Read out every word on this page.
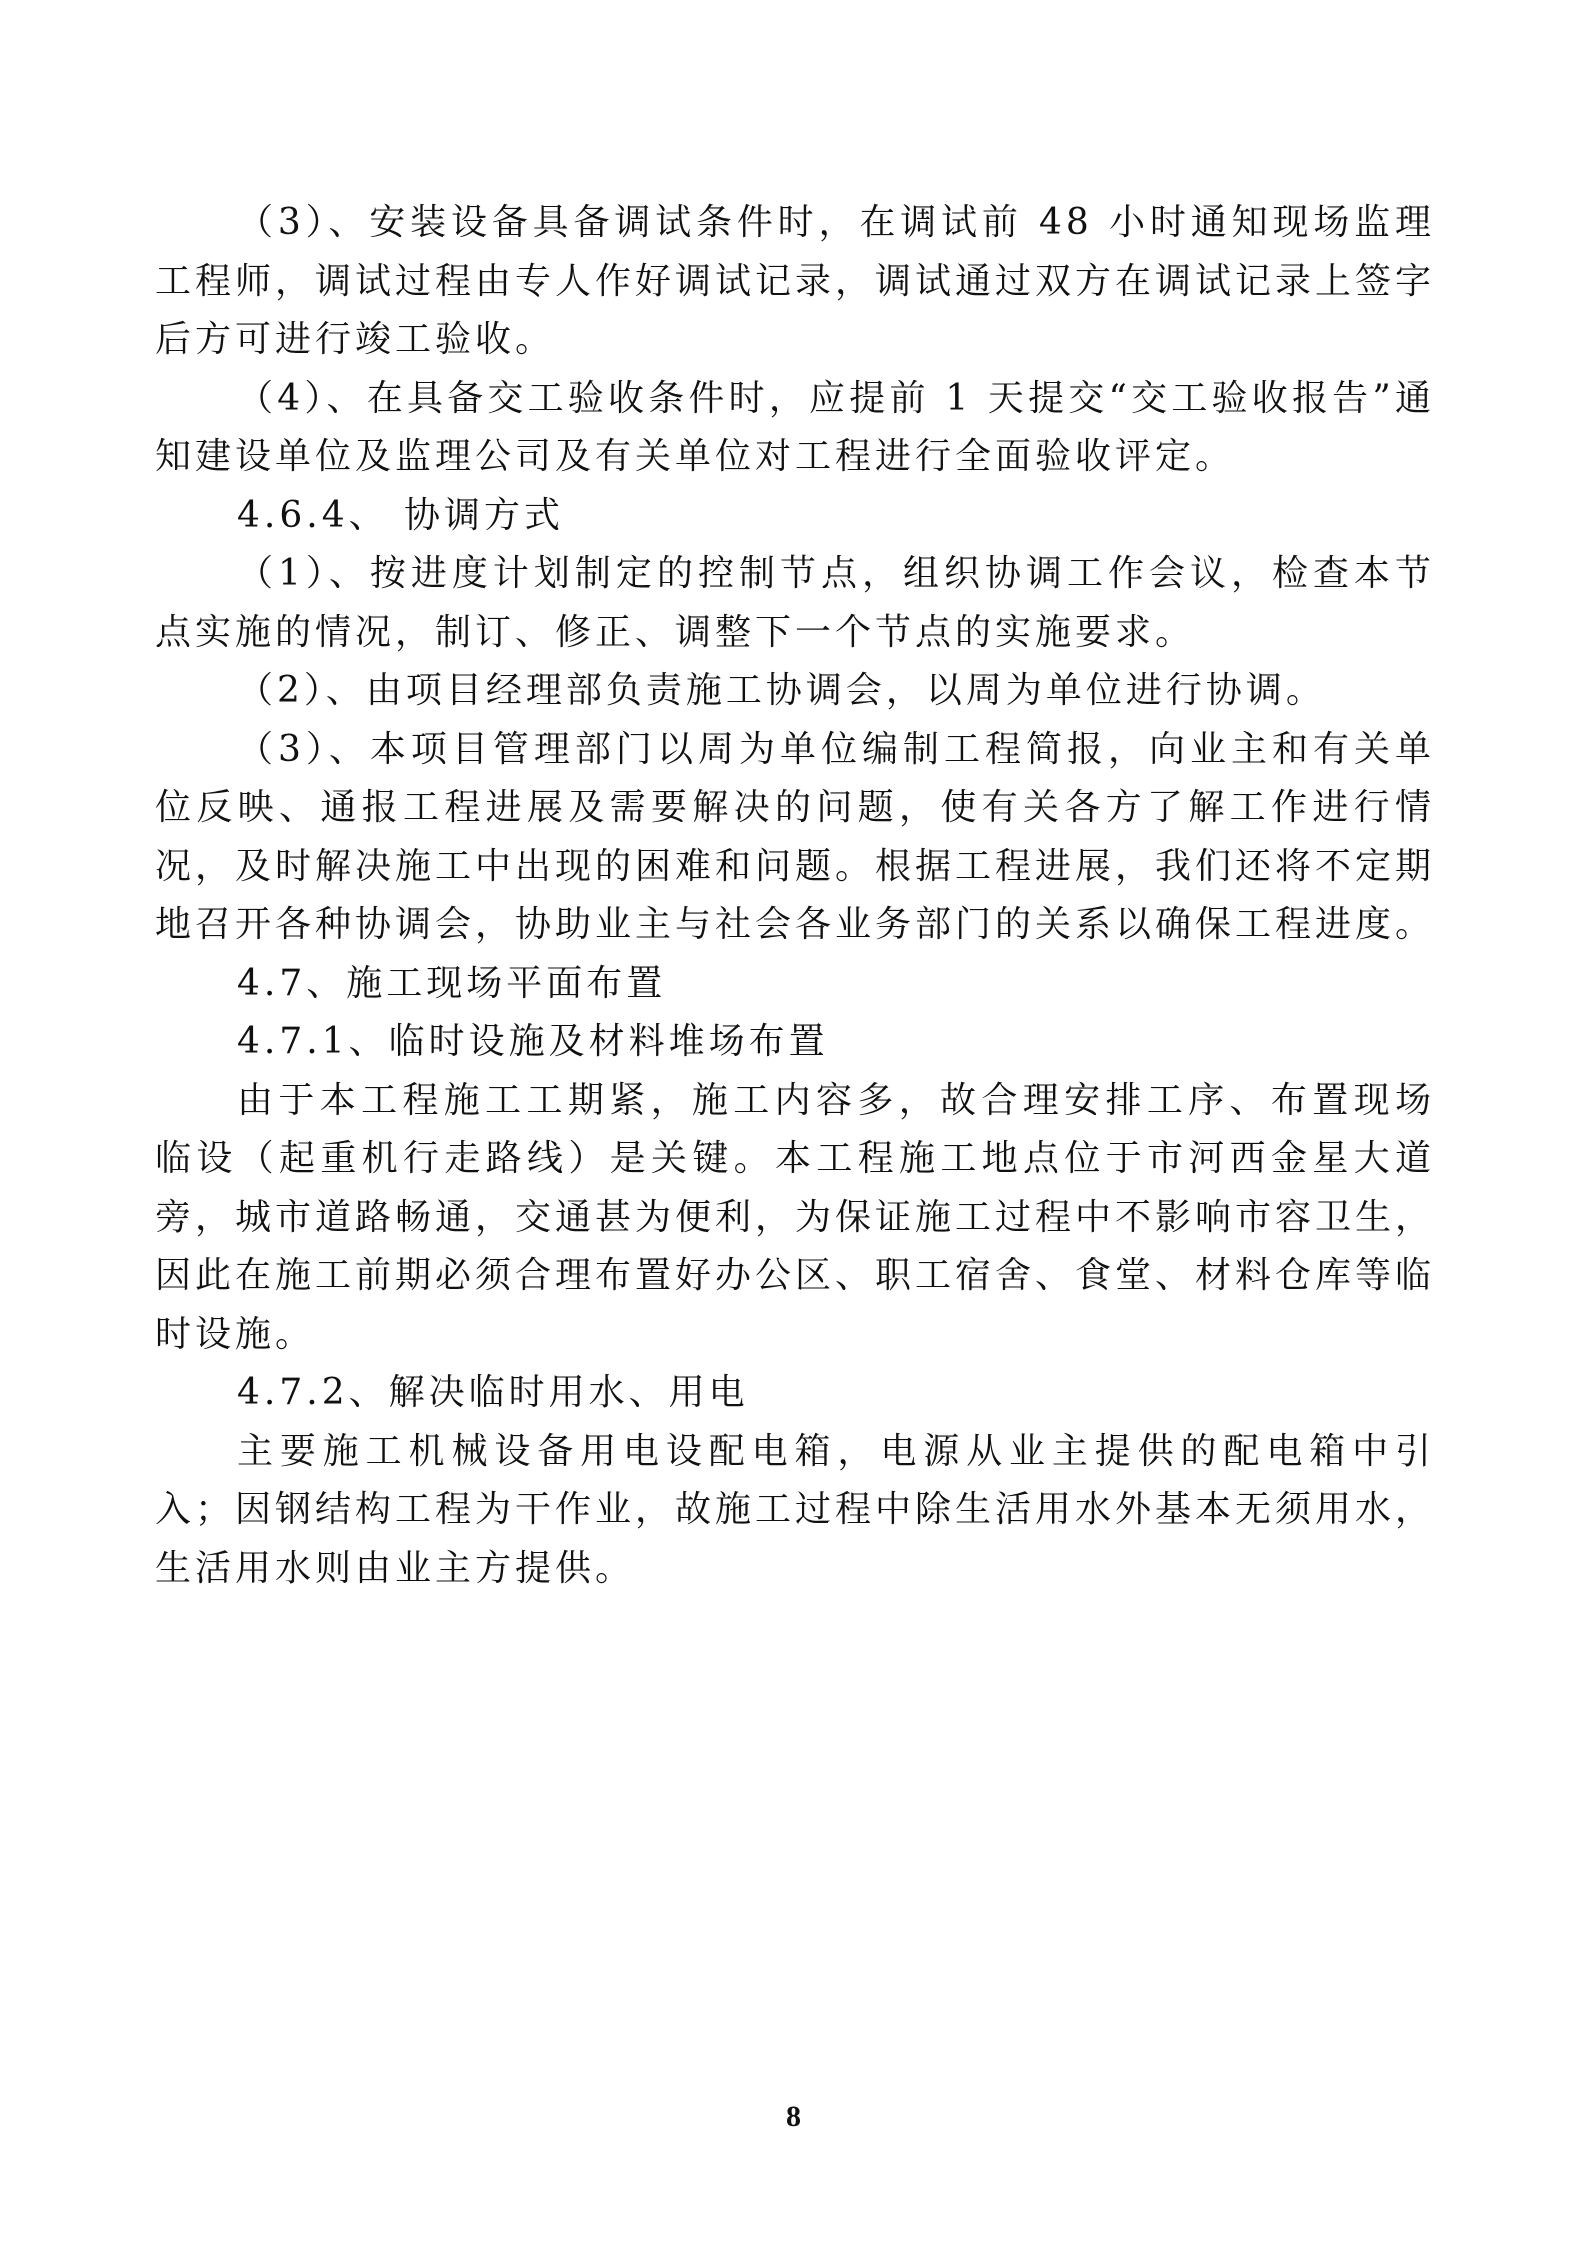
（3）、安装设备具备调试条件时，在调试前 48 小时通知现场监理工程师，调试过程由专人作好调试记录，调试通过双方在调试记录上签字后方可进行竣工验收。

（4）、在具备交工验收条件时，应提前 1 天提交“交工验收报告”通知建设单位及监理公司及有关单位对工程进行全面验收评定。

4.6.4、 协调方式

（1）、按进度计划制定的控制节点，组织协调工作会议，检查本节点实施的情况，制订、修正、调整下一个节点的实施要求。

（2）、由项目经理部负责施工协调会，以周为单位进行协调。

（3）、本项目管理部门以周为单位编制工程简报，向业主和有关单位反映、通报工程进展及需要解决的问题，使有关各方了解工作进行情况，及时解决施工中出现的困难和问题。根据工程进展，我们还将不定期地召开各种协调会，协助业主与社会各业务部门的关系以确保工程进度。

4.7、施工现场平面布置

4.7.1、临时设施及材料堆场布置

由于本工程施工工期紧，施工内容多，故合理安排工序、布置现场临设（起重机行走路线）是关键。本工程施工地点位于市河西金星大道旁，城市道路畅通，交通甚为便利，为保证施工过程中不影响市容卫生，因此在施工前期必须合理布置好办公区、职工宿舍、食堂、材料仓库等临时设施。

4.7.2、解决临时用水、用电

主要施工机械设备用电设配电箱，电源从业主提供的配电箱中引入；因钢结构工程为干作业，故施工过程中除生活用水外基本无须用水，生活用水则由业主方提供。

8
